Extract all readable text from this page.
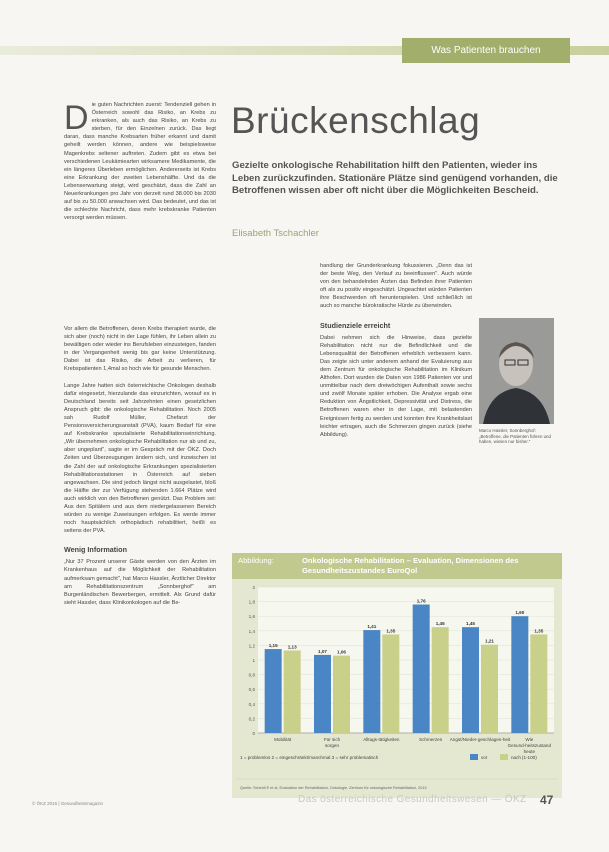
Was Patienten brauchen
D ie guten Nachrichten zuerst: Tendenziell gehen in Österreich sowohl das Risiko, an Krebs zu erkranken, als auch das Risiko, an Krebs zu sterben, für den Einzelnen zurück. Das liegt daran, dass manche Krebsarten früher erkannt und damit geheilt werden können, andere wie beispielsweise Magenkrebs seltener auftreten. Zudem gibt es etwa bei verschiedenen Leukämiearten wirksamere Medikamente, die ein längeres Überleben ermöglichen. Andererseits ist Krebs eine Erkrankung der zweiten Lebenshälfte. Und da die Lebenserwartung steigt, wird geschätzt, dass die Zahl an Neuerkrankungen pro Jahr von derzeit rund 38.000 bis 2030 auf bis zu 50.000 anwachsen wird. Das bedeutet, und das ist die schlechte Nachricht, dass mehr krebskranke Patienten versorgt werden müssen.
Vor allem die Betroffenen, deren Krebs therapiert wurde, die sich aber (noch) nicht in der Lage fühlen, ihr Leben allein zu bewältigen oder wieder ins Berufsleben einzusteigen, fanden in der Vergangenheit wenig bis gar keine Unterstützung. Dabei ist das Risiko, die Arbeit zu verlieren, für Krebspatienten 1,4mal so hoch wie für gesunde Menschen.
Lange Jahre hatten sich österreichische Onkologen deshalb dafür eingesetzt, hierzulande das einzurichten, worauf es in Deutschland bereits seit Jahrzehnten einen gesetzlichen Anspruch gibt: die onkologische Rehabilitation. Noch 2005 sah Rudolf Müller, Chefarzt der Pensionsversicherungsanstalt (PVA), kaum Bedarf für eine auf Krebskranke spezialisierte Rehabilitationseinrichtung. „Wir übernehmen onkologische Rehabilitation nur ab und zu, aber ungeplant", sagte er im Gespräch mit der ÖKZ. Doch Zeiten und Überzeugungen ändern sich, und inzwischen ist die Zahl der auf onkologische Erkrankungen spezialisierten Rehabilitationsstationen in Österreich auf sieben angewachsen. Die sind jedoch längst nicht ausgelastet, bloß die Hälfte der zur Verfügung stehenden 1.664 Plätze wird auch wirklich von den Betroffenen genützt. Das Problem sei: Aus den Spitälern und aus dem niedergelassenen Bereich würden zu wenige Zuweisungen erfolgen. Es werde immer noch hauptsächlich orthopädisch rehabilitiert, heißt es seitens der PVA.
Wenig Information
„Nur 37 Prozent unserer Gäste werden von den Ärzten im Krankenhaus auf die Möglichkeit der Rehabilitation aufmerksam gemacht", hat Marco Hassler, Ärztlicher Direktor am Rehabilitationszentrum „Sonnberghof" am Burgenländischen Bewerbergen, ermittelt. Als Grund dafür sieht Hassler, dass Klinikonkologen auf die Be-
Brückenschlag
Gezielte onkologische Rehabilitation hilft den Patienten, wieder ins Leben zurückzufinden. Stationäre Plätze sind genügend vorhanden, die Betroffenen wissen aber oft nicht über die Möglichkeiten Bescheid.
Elisabeth Tschachler
handlung der Grunderkrankung fokussieren. „Denn das ist der beste Weg, den Verlauf zu beeinflussen". Auch würde von den behandelnden Ärzten das Befinden ihrer Patienten oft als zu positiv eingeschätzt. Ungeachtet würden Patienten ihre Beschwerden oft herunterspielen. Und schließlich ist auch so manche bürokratische Hürde zu überwinden.
Studienziele erreicht
Dabei nehmen sich die Hinweise, dass gezielte Rehabilitation nicht nur die Befindlichkeit und die Lebensqualität der Betroffenen erheblich verbessern kann. Das zeigte sich unter anderem anhand der Evaluierung aus dem Zentrum für onkologische Rehabilitation im Klinikum Althofen. Dort wurden die Daten von 1986 Patienten vor und unmittelbar nach dem dreiwöchigen Aufenthalt sowie sechs und zwölf Monate später erhoben. Die Analyse ergab eine Reduktion von Ängstlichkeit, Depressivität und Distress, die Betroffenen waren eher in der Lage, mit belastenden Ereignissen fertig zu werden und konnten ihre Krankheitslast leichter ertragen, auch die Schmerzen gingen zurück (siehe Abbildung).
Marco Hassler, Sonnberghof: „Betroffene, die Patienten führen und haben, wissen nur bisher."
Abbildung:	Onkologische Rehabilitation – Evaluation, Dimensionen des Gesundheitszustandes EuroQol
2
1,8
1,6
1,4
1,2
1
0,8
0,6
0,4
0,2
0
1,15 1,13
Mobilität
1,07 1,06
Für sich
sorgen
1,41
1,35
Alltags-tätigkeiten
1,76
1,45
Schmerzen
1,45
1,21
Angst/Nieder-geschlagen-heit
1,60
1,35
Wie
Gesund-heitszustand
heute
(1-100)
1 = problemlos 2 = eingeschränkt/manchmal 3 = sehr problematisch	vor	nach
Quelle: Scheidl E et al, Evaluation der Rehabilitation, Onkologie, Zentrum für onkologische Rehabilitation, 2015
© ÖKZ 2016 | Gesundheitsmagazin	Das österreichische Gesundheitswesen — ÖKZ 47
